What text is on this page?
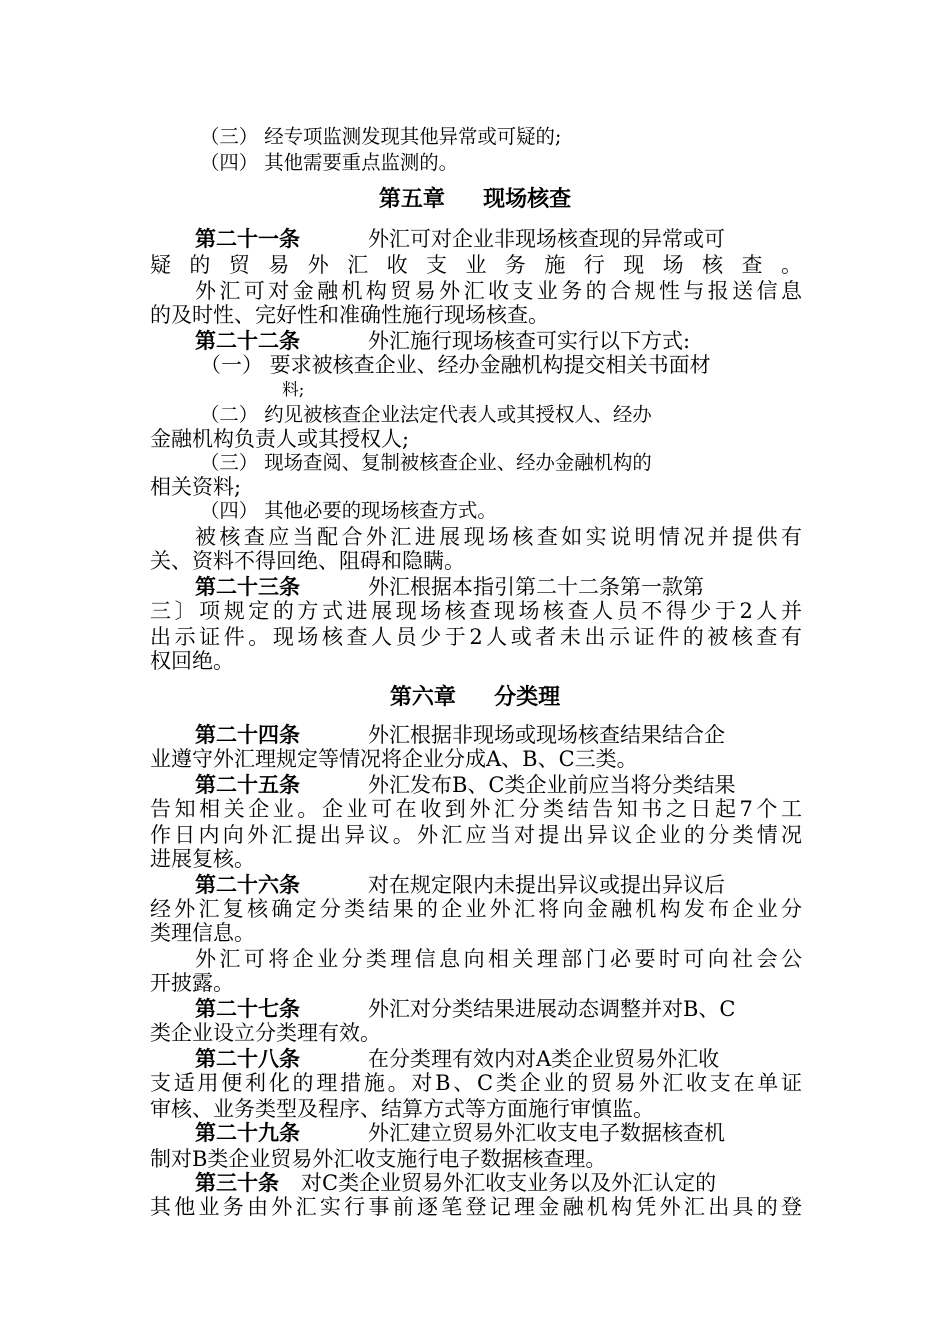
（三） 经专项监测发现其他异常或可疑的;

（四） 其他需要重点监测的。

第五章     现场核查

第二十一条	外汇可对企业非现场核查现的异常或可

疑的贸易外汇收支业务施行现场核查。

外汇可对金融机构贸易外汇收支业务的合规性与报送信息

的及时性、完好性和准确性施行现场核查。

第二十二条	外汇施行现场核查可实行以下方式:

（一） 要求被核查企业、经办金融机构提交相关书面材

料;

（二） 约见被核查企业法定代表人或其授权人、经办

金融机构负责人或其授权人;

（三） 现场查阅、复制被核查企业、经办金融机构的

相关资料;

（四） 其他必要的现场核查方式。

被核查应当配合外汇进展现场核查如实说明情况并提供有

关、资料不得回绝、阻碍和隐瞒。

第二十三条	外汇根据本指引第二十二条第一款第

三〕项规定的方式进展现场核查现场核查人员不得少于2人并

出示证件。现场核查人员少于2人或者未出示证件的被核查有

权回绝。

第六章     分类理

第二十四条	外汇根据非现场或现场核查结果结合企

业遵守外汇理规定等情况将企业分成A、B、C三类。

第二十五条	外汇发布B、C类企业前应当将分类结果

告知相关企业。企业可在收到外汇分类结告知书之日起7个工

作日内向外汇提出异议。外汇应当对提出异议企业的分类情况

进展复核。

第二十六条	对在规定限内未提出异议或提出异议后

经外汇复核确定分类结果的企业外汇将向金融机构发布企业分

类理信息。

外汇可将企业分类理信息向相关理部门必要时可向社会公

开披露。

第二十七条	外汇对分类结果进展动态调整并对B、C

类企业设立分类理有效。

第二十八条	在分类理有效内对A类企业贸易外汇收

支适用便利化的理措施。对B、C类企业的贸易外汇收支在单证

审核、业务类型及程序、结算方式等方面施行审慎监。

第二十九条	外汇建立贸易外汇收支电子数据核查机

制对B类企业贸易外汇收支施行电子数据核查理。

第三十条 对C类企业贸易外汇收支业务以及外汇认定的

其他业务由外汇实行事前逐笔登记理金融机构凭外汇出具的登
